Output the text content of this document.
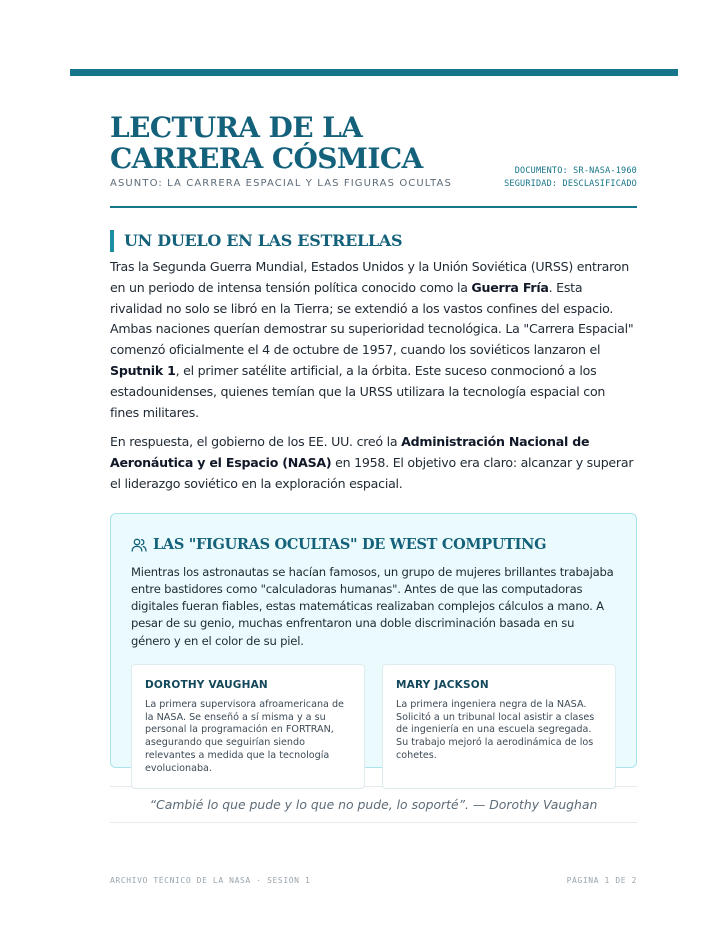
LECTURA DE LA CARRERA CÓSMICA
ASUNTO: LA CARRERA ESPACIAL Y LAS FIGURAS OCULTAS
DOCUMENTO: SR-NASA-1960
SEGURIDAD: DESCLASIFICADO
UN DUELO EN LAS ESTRELLAS

Tras la Segunda Guerra Mundial, Estados Unidos y la Unión Soviética (URSS) entraron en un periodo de intensa tensión política conocido como la Guerra Fría. Esta rivalidad no solo se libró en la Tierra; se extendió a los vastos confines del espacio. Ambas naciones querían demostrar su superioridad tecnológica. La "Carrera Espacial" comenzó oficialmente el 4 de octubre de 1957, cuando los soviéticos lanzaron el Sputnik 1, el primer satélite artificial, a la órbita. Este suceso conmocionó a los estadounidenses, quienes temían que la URSS utilizara la tecnología espacial con fines militares.

En respuesta, el gobierno de los EE. UU. creó la Administración Nacional de Aeronáutica y el Espacio (NASA) en 1958. El objetivo era claro: alcanzar y superar el liderazgo soviético en la exploración espacial.

LAS "FIGURAS OCULTAS" DE WEST COMPUTING

Mientras los astronautas se hacían famosos, un grupo de mujeres brillantes trabajaba entre bastidores como "calculadoras humanas". Antes de que las computadoras digitales fueran fiables, estas matemáticas realizaban complejos cálculos a mano. A pesar de su genio, muchas enfrentaron una doble discriminación basada en su género y en el color de su piel.

DOROTHY VAUGHAN
La primera supervisora afroamericana de la NASA. Se enseñó a sí misma y a su personal la programación en FORTRAN, asegurando que seguirían siendo relevantes a medida que la tecnología evolucionaba.
MARY JACKSON
La primera ingeniera negra de la NASA. Solicitó a un tribunal local asistir a clases de ingeniería en una escuela segregada. Su trabajo mejoró la aerodinámica de los cohetes.
“Cambié lo que pude y lo que no pude, lo soporté”. — Dorothy Vaughan
ARCHIVO TÉCNICO DE LA NASA · SESIÓN 1	PÁGINA 1 DE 2
